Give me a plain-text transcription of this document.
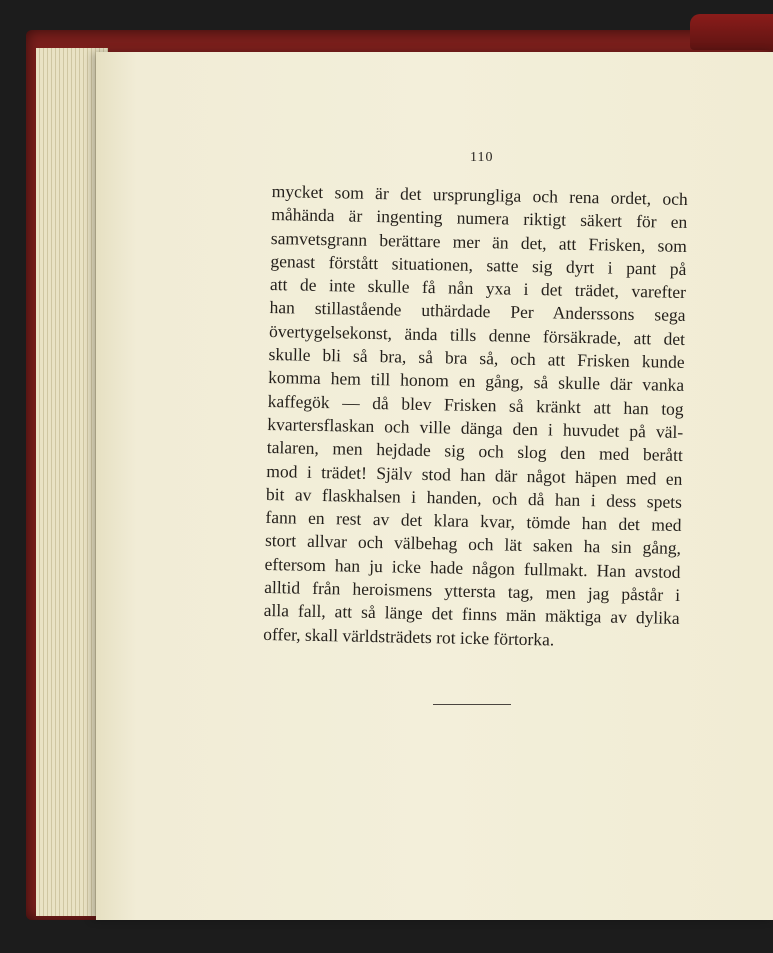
110
mycket som är det ursprungliga och rena ordet, och
måhända är ingenting numera riktigt säkert för en
samvetsgrann berättare mer än det, att Frisken, som
genast förstått situationen, satte sig dyrt i pant på
att de inte skulle få nån yxa i det trädet, varefter
han stillastående uthärdade Per Anderssons sega
övertygelsekonst, ända tills denne försäkrade, att det
skulle bli så bra, så bra så, och att Frisken kunde
komma hem till honom en gång, så skulle där vanka
kaffegök — då blev Frisken så kränkt att han tog
kvartersflaskan och ville dänga den i huvudet på väl-
talaren, men hejdade sig och slog den med berått
mod i trädet! Själv stod han där något häpen med en
bit av flaskhalsen i handen, och då han i dess spets
fann en rest av det klara kvar, tömde han det med
stort allvar och välbehag och lät saken ha sin gång,
eftersom han ju icke hade någon fullmakt. Han avstod
alltid från heroismens yttersta tag, men jag påstår i
alla fall, att så länge det finns män mäktiga av dylika
offer, skall världsträdets rot icke förtorka.
